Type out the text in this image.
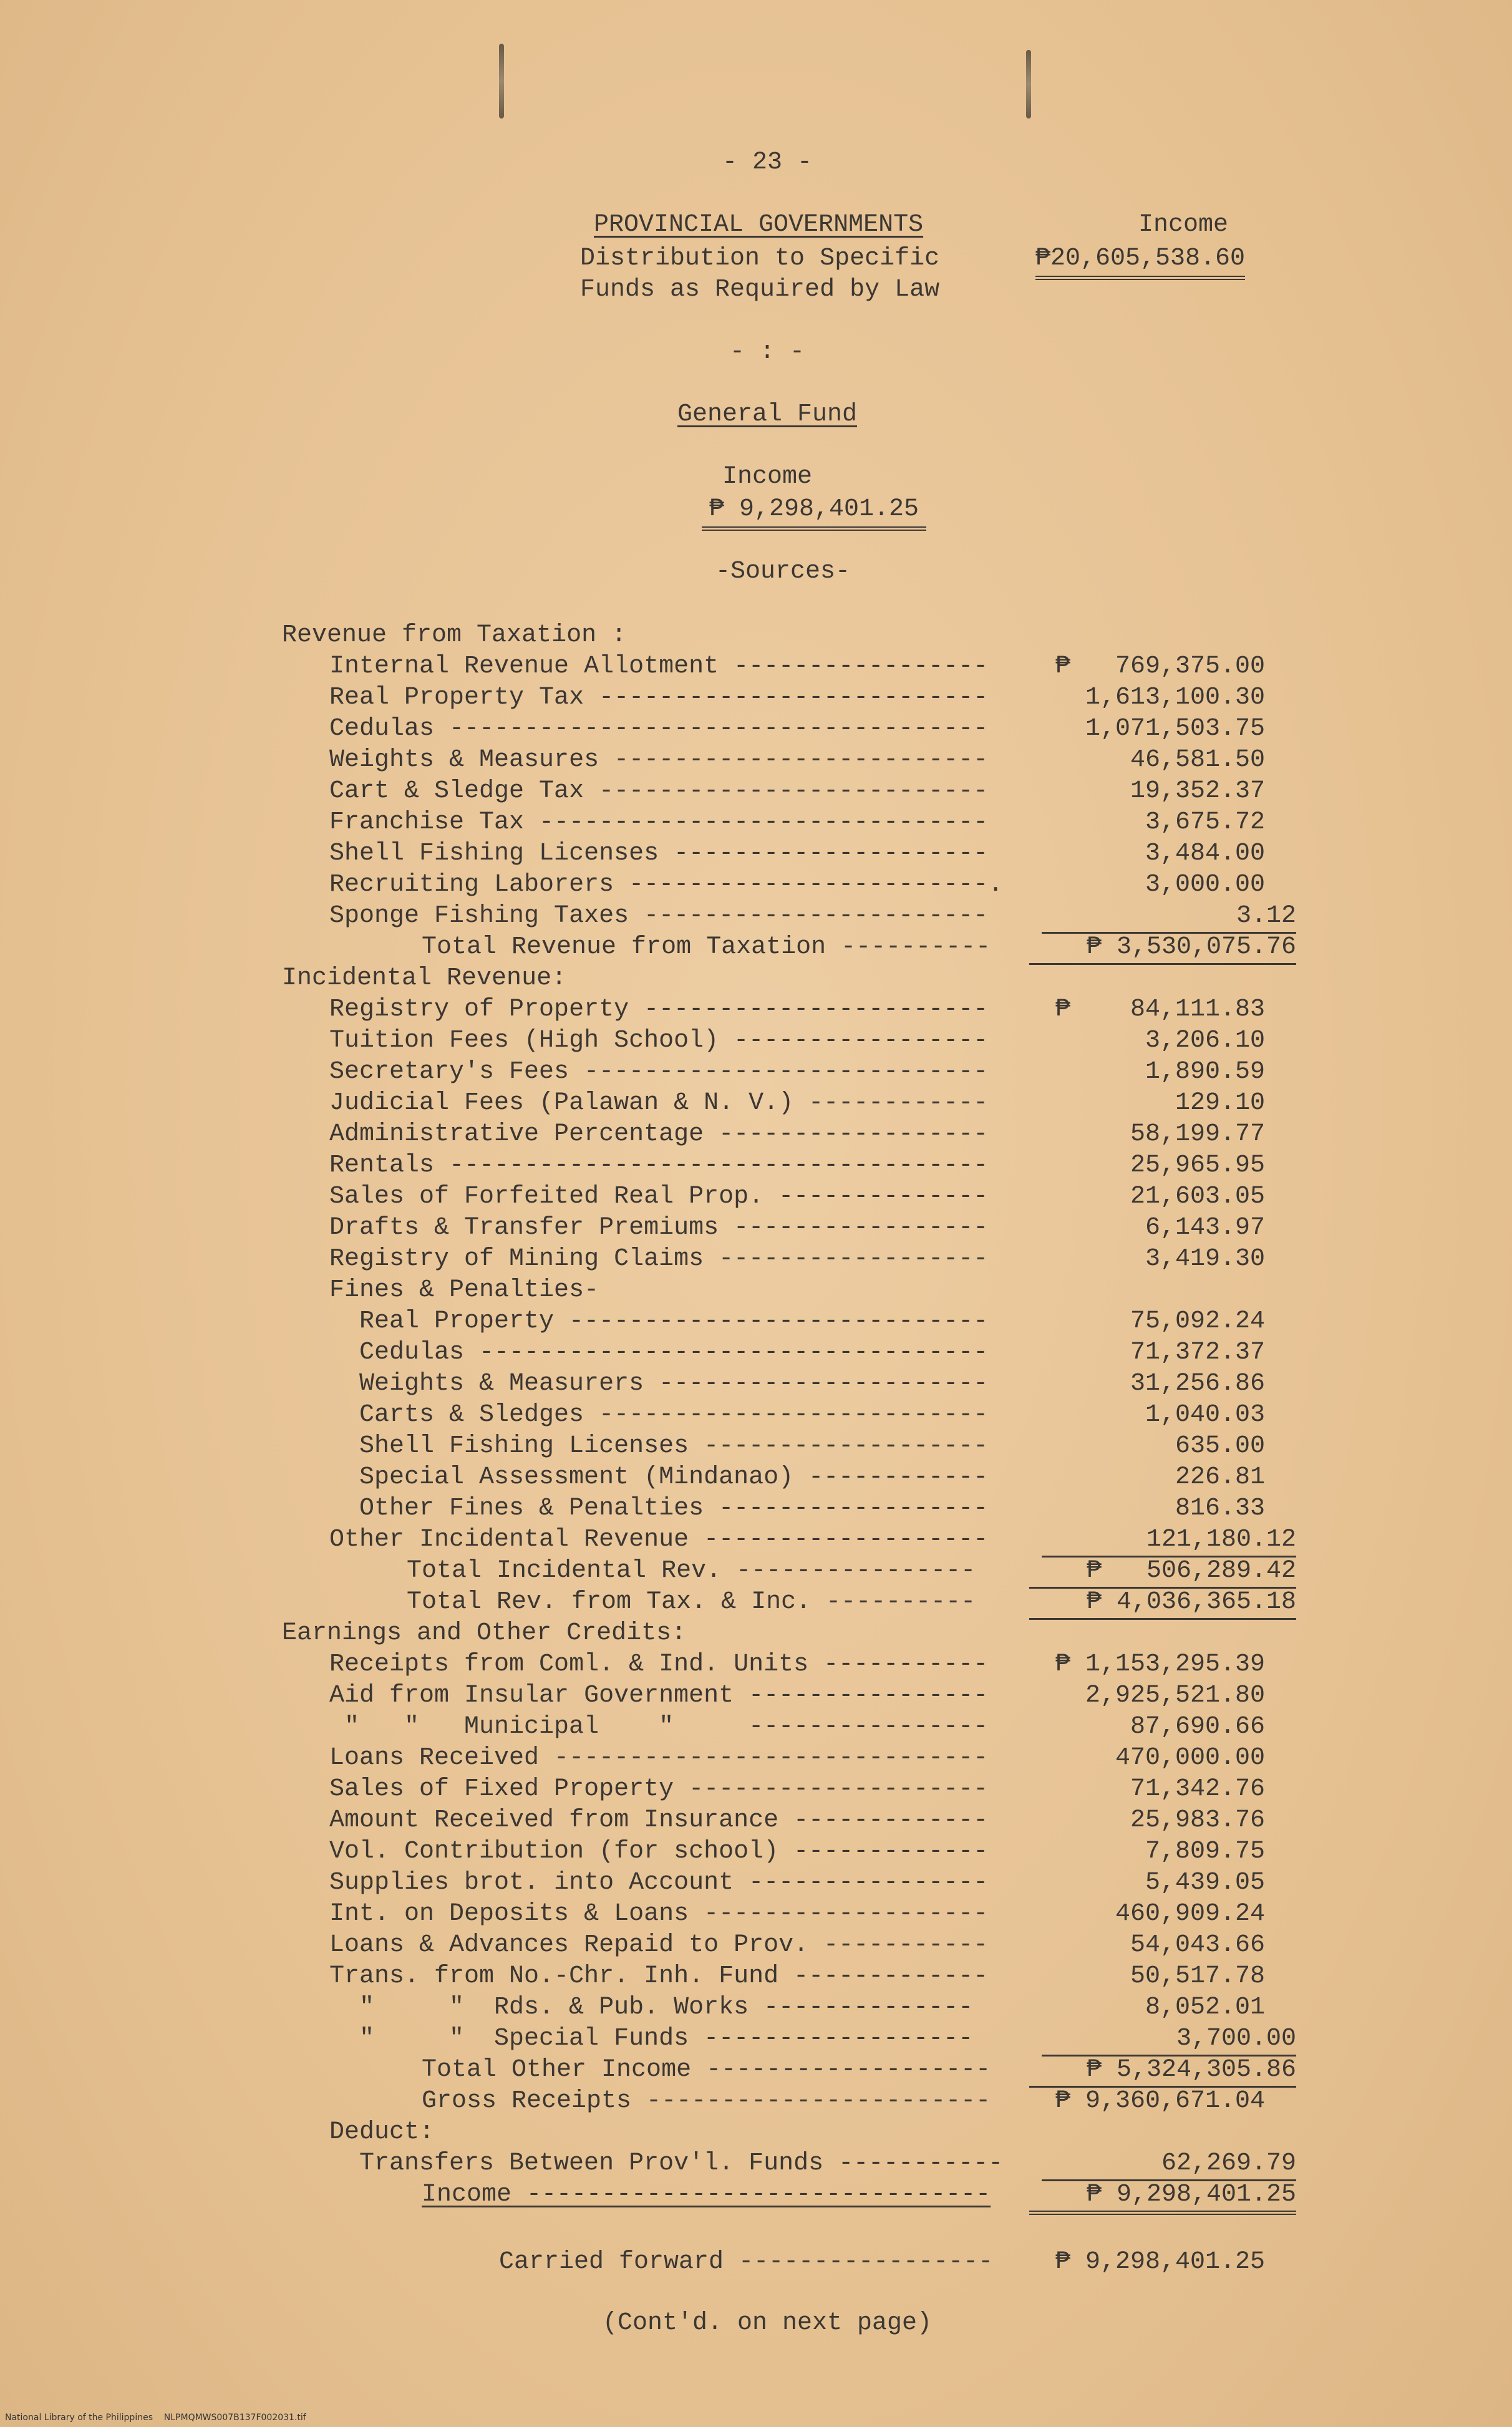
- 23 -
PROVINCIAL GOVERNMENTS
Distribution to Specific
Funds as Required by Law
Income
₱20,605,538.60
- : -
General Fund
Income
₱ 9,298,401.25
-Sources-
Revenue from Taxation :
Internal Revenue Allotment -----------------	₱   769,375.00
Real Property Tax --------------------------	1,613,100.30
Cedulas ------------------------------------	1,071,503.75
Weights & Measures -------------------------	46,581.50
Cart & Sledge Tax --------------------------	19,352.37
Franchise Tax ------------------------------	3,675.72
Shell Fishing Licenses ---------------------	3,484.00
Recruiting Laborers ------------------------.	3,000.00
Sponge Fishing Taxes -----------------------	3.12
Total Revenue from Taxation ----------	₱ 3,530,075.76
Incidental Revenue:
Registry of Property -----------------------	₱    84,111.83
Tuition Fees (High School) -----------------	3,206.10
Secretary's Fees ---------------------------	1,890.59
Judicial Fees (Palawan & N. V.) ------------	129.10
Administrative Percentage ------------------	58,199.77
Rentals ------------------------------------	25,965.95
Sales of Forfeited Real Prop. --------------	21,603.05
Drafts & Transfer Premiums -----------------	6,143.97
Registry of Mining Claims ------------------	3,419.30
Fines & Penalties-
Real Property ----------------------------	75,092.24
Cedulas ----------------------------------	71,372.37
Weights & Measurers ----------------------	31,256.86
Carts & Sledges --------------------------	1,040.03
Shell Fishing Licenses -------------------	635.00
Special Assessment (Mindanao) ------------	226.81
Other Fines & Penalties ------------------	816.33
Other Incidental Revenue -------------------	121,180.12
Total Incidental Rev. ----------------	₱   506,289.42
Total Rev. from Tax. & Inc. ----------	₱ 4,036,365.18
Earnings and Other Credits:
Receipts from Coml. & Ind. Units -----------	₱ 1,153,295.39
Aid from Insular Government ----------------	2,925,521.80
"   "   Municipal    "     ----------------	87,690.66
Loans Received -----------------------------	470,000.00
Sales of Fixed Property --------------------	71,342.76
Amount Received from Insurance -------------	25,983.76
Vol. Contribution (for school) -------------	7,809.75
Supplies brot. into Account ----------------	5,439.05
Int. on Deposits & Loans -------------------	460,909.24
Loans & Advances Repaid to Prov. -----------	54,043.66
Trans. from No.-Chr. Inh. Fund -------------	50,517.78
"     "  Rds. & Pub. Works --------------	8,052.01
"     "  Special Funds ------------------	3,700.00
Total Other Income -------------------	₱ 5,324,305.86
Gross Receipts -----------------------	₱ 9,360,671.04
Deduct:
Transfers Between Prov'l. Funds -----------	62,269.79
Income -------------------------------	₱ 9,298,401.25
Carried forward -----------------	₱ 9,298,401.25
(Cont'd. on next page)
National Library of the Philippines    NLPMQMWS007B137F002031.tif
